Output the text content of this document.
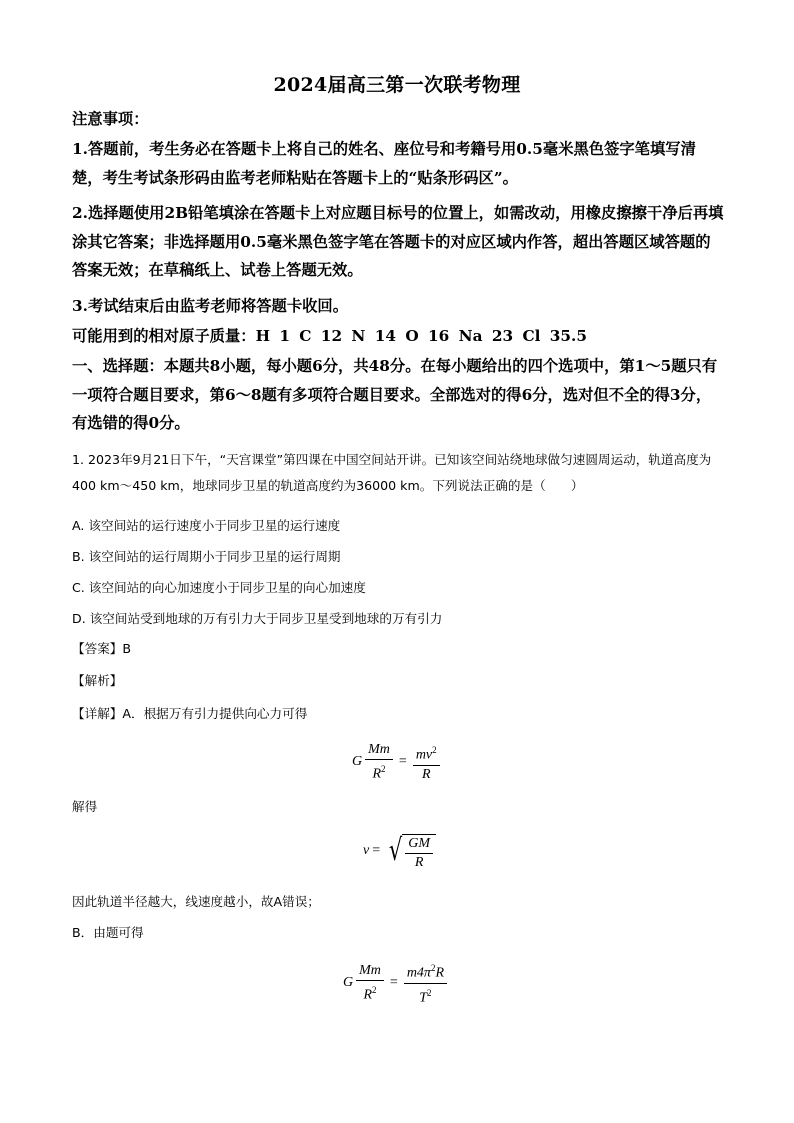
2024届高三第一次联考物理
注意事项：
1.答题前，考生务必在答题卡上将自己的姓名、座位号和考籍号用0.5毫米黑色签字笔填写清楚，考生考试条形码由监考老师粘贴在答题卡上的“贴条形码区”。
2.选择题使用2B铅笔填涂在答题卡上对应题目标号的位置上，如需改动，用橡皮擦擦干净后再填涂其它答案；非选择题用0.5毫米黑色签字笔在答题卡的对应区域内作答，超出答题区域答题的答案无效；在草稿纸上、试卷上答题无效。
3.考试结束后由监考老师将答题卡收回。
可能用到的相对原子质量：H 1 C 12 N 14 O 16 Na 23 Cl 35.5
一、选择题：本题共8小题，每小题6分，共48分。在每小题给出的四个选项中，第1～5题只有一项符合题目要求，第6～8题有多项符合题目要求。全部选对的得6分，选对但不全的得3分，有选错的得0分。
1. 2023年9月21日下午，“天宫课堂”第四课在中国空间站开讲。已知该空间站绕地球做匀速圆周运动，轨道高度为400 km～450 km，地球同步卫星的轨道高度约为36000 km。下列说法正确的是（　　）
A. 该空间站的运行速度小于同步卫星的运行速度
B. 该空间站的运行周期小于同步卫星的运行周期
C. 该空间站的向心加速度小于同步卫星的向心加速度
D. 该空间站受到地球的万有引力大于同步卫星受到地球的万有引力
【答案】B
【解析】
【详解】A．根据万有引力提供向心力可得
G $\frac{Mm}{R^2} = \frac{mv^2}{R}$
解得
v = √ $\frac{GM}{R}$
因此轨道半径越大，线速度越小，故A错误；
B．由题可得
G $\frac{Mm}{R^2} = \frac{m4\pi^2R}{T^2}$
